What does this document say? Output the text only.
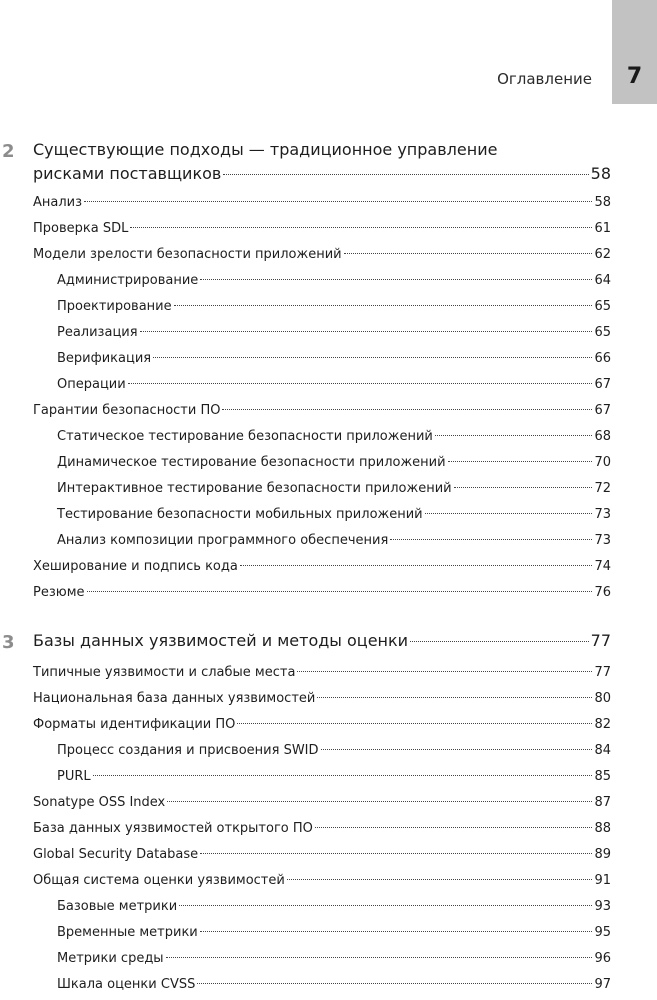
Оглавление	7
2 Существующие подходы — традиционное управление
рисками поставщиков	58
Анализ	58
Проверка SDL	61
Модели зрелости безопасности приложений	62
Администрирование	64
Проектирование	65
Реализация	65
Верификация	66
Операции	67
Гарантии безопасности ПО	67
Статическое тестирование безопасности приложений	68
Динамическое тестирование безопасности приложений	70
Интерактивное тестирование безопасности приложений	72
Тестирование безопасности мобильных приложений	73
Анализ композиции программного обеспечения	73
Хеширование и подпись кода	74
Резюме	76
3 Базы данных уязвимостей и методы оценки	77
Типичные уязвимости и слабые места	77
Национальная база данных уязвимостей	80
Форматы идентификации ПО	82
Процесс создания и присвоения SWID	84
PURL	85
Sonatype OSS Index	87
База данных уязвимостей открытого ПО	88
Global Security Database	89
Общая система оценки уязвимостей	91
Базовые метрики	93
Временные метрики	95
Метрики среды	96
Шкала оценки CVSS	97
